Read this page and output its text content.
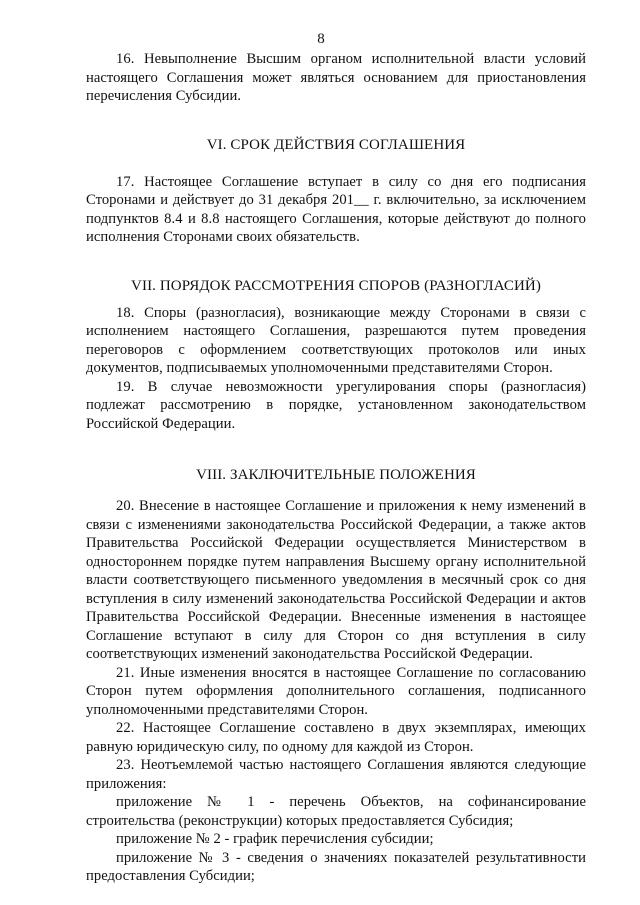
8

16. Невыполнение Высшим органом исполнительной власти условий настоящего Соглашения может являться основанием для приостановления перечисления Субсидии.

VI. СРОК ДЕЙСТВИЯ СОГЛАШЕНИЯ

17. Настоящее Соглашение вступает в силу со дня его подписания Сторонами и действует до 31 декабря 201__ г. включительно, за исключением подпунктов 8.4 и 8.8 настоящего Соглашения, которые действуют до полного исполнения Сторонами своих обязательств.

VII. ПОРЯДОК РАССМОТРЕНИЯ СПОРОВ (РАЗНОГЛАСИЙ)

18. Споры (разногласия), возникающие между Сторонами в связи с исполнением настоящего Соглашения, разрешаются путем проведения переговоров с оформлением соответствующих протоколов или иных документов, подписываемых уполномоченными представителями Сторон.

19. В случае невозможности урегулирования споры (разногласия) подлежат рассмотрению в порядке, установленном законодательством Российской Федерации.

VIII. ЗАКЛЮЧИТЕЛЬНЫЕ ПОЛОЖЕНИЯ

20. Внесение в настоящее Соглашение и приложения к нему изменений в связи с изменениями законодательства Российской Федерации, а также актов Правительства Российской Федерации осуществляется Министерством в одностороннем порядке путем направления Высшему органу исполнительной власти соответствующего письменного уведомления в месячный срок со дня вступления в силу изменений законодательства Российской Федерации и актов Правительства Российской Федерации. Внесенные изменения в настоящее Соглашение вступают в силу для Сторон со дня вступления в силу соответствующих изменений законодательства Российской Федерации.

21. Иные изменения вносятся в настоящее Соглашение по согласованию Сторон путем оформления дополнительного соглашения, подписанного уполномоченными представителями Сторон.

22. Настоящее Соглашение составлено в двух экземплярах, имеющих равную юридическую силу, по одному для каждой из Сторон.

23. Неотъемлемой частью настоящего Соглашения являются следующие приложения:

приложение № 1 - перечень Объектов, на софинансирование строительства (реконструкции) которых предоставляется Субсидия;

приложение № 2 - график перечисления субсидии;

приложение № 3 - сведения о значениях показателей результативности предоставления Субсидии;
